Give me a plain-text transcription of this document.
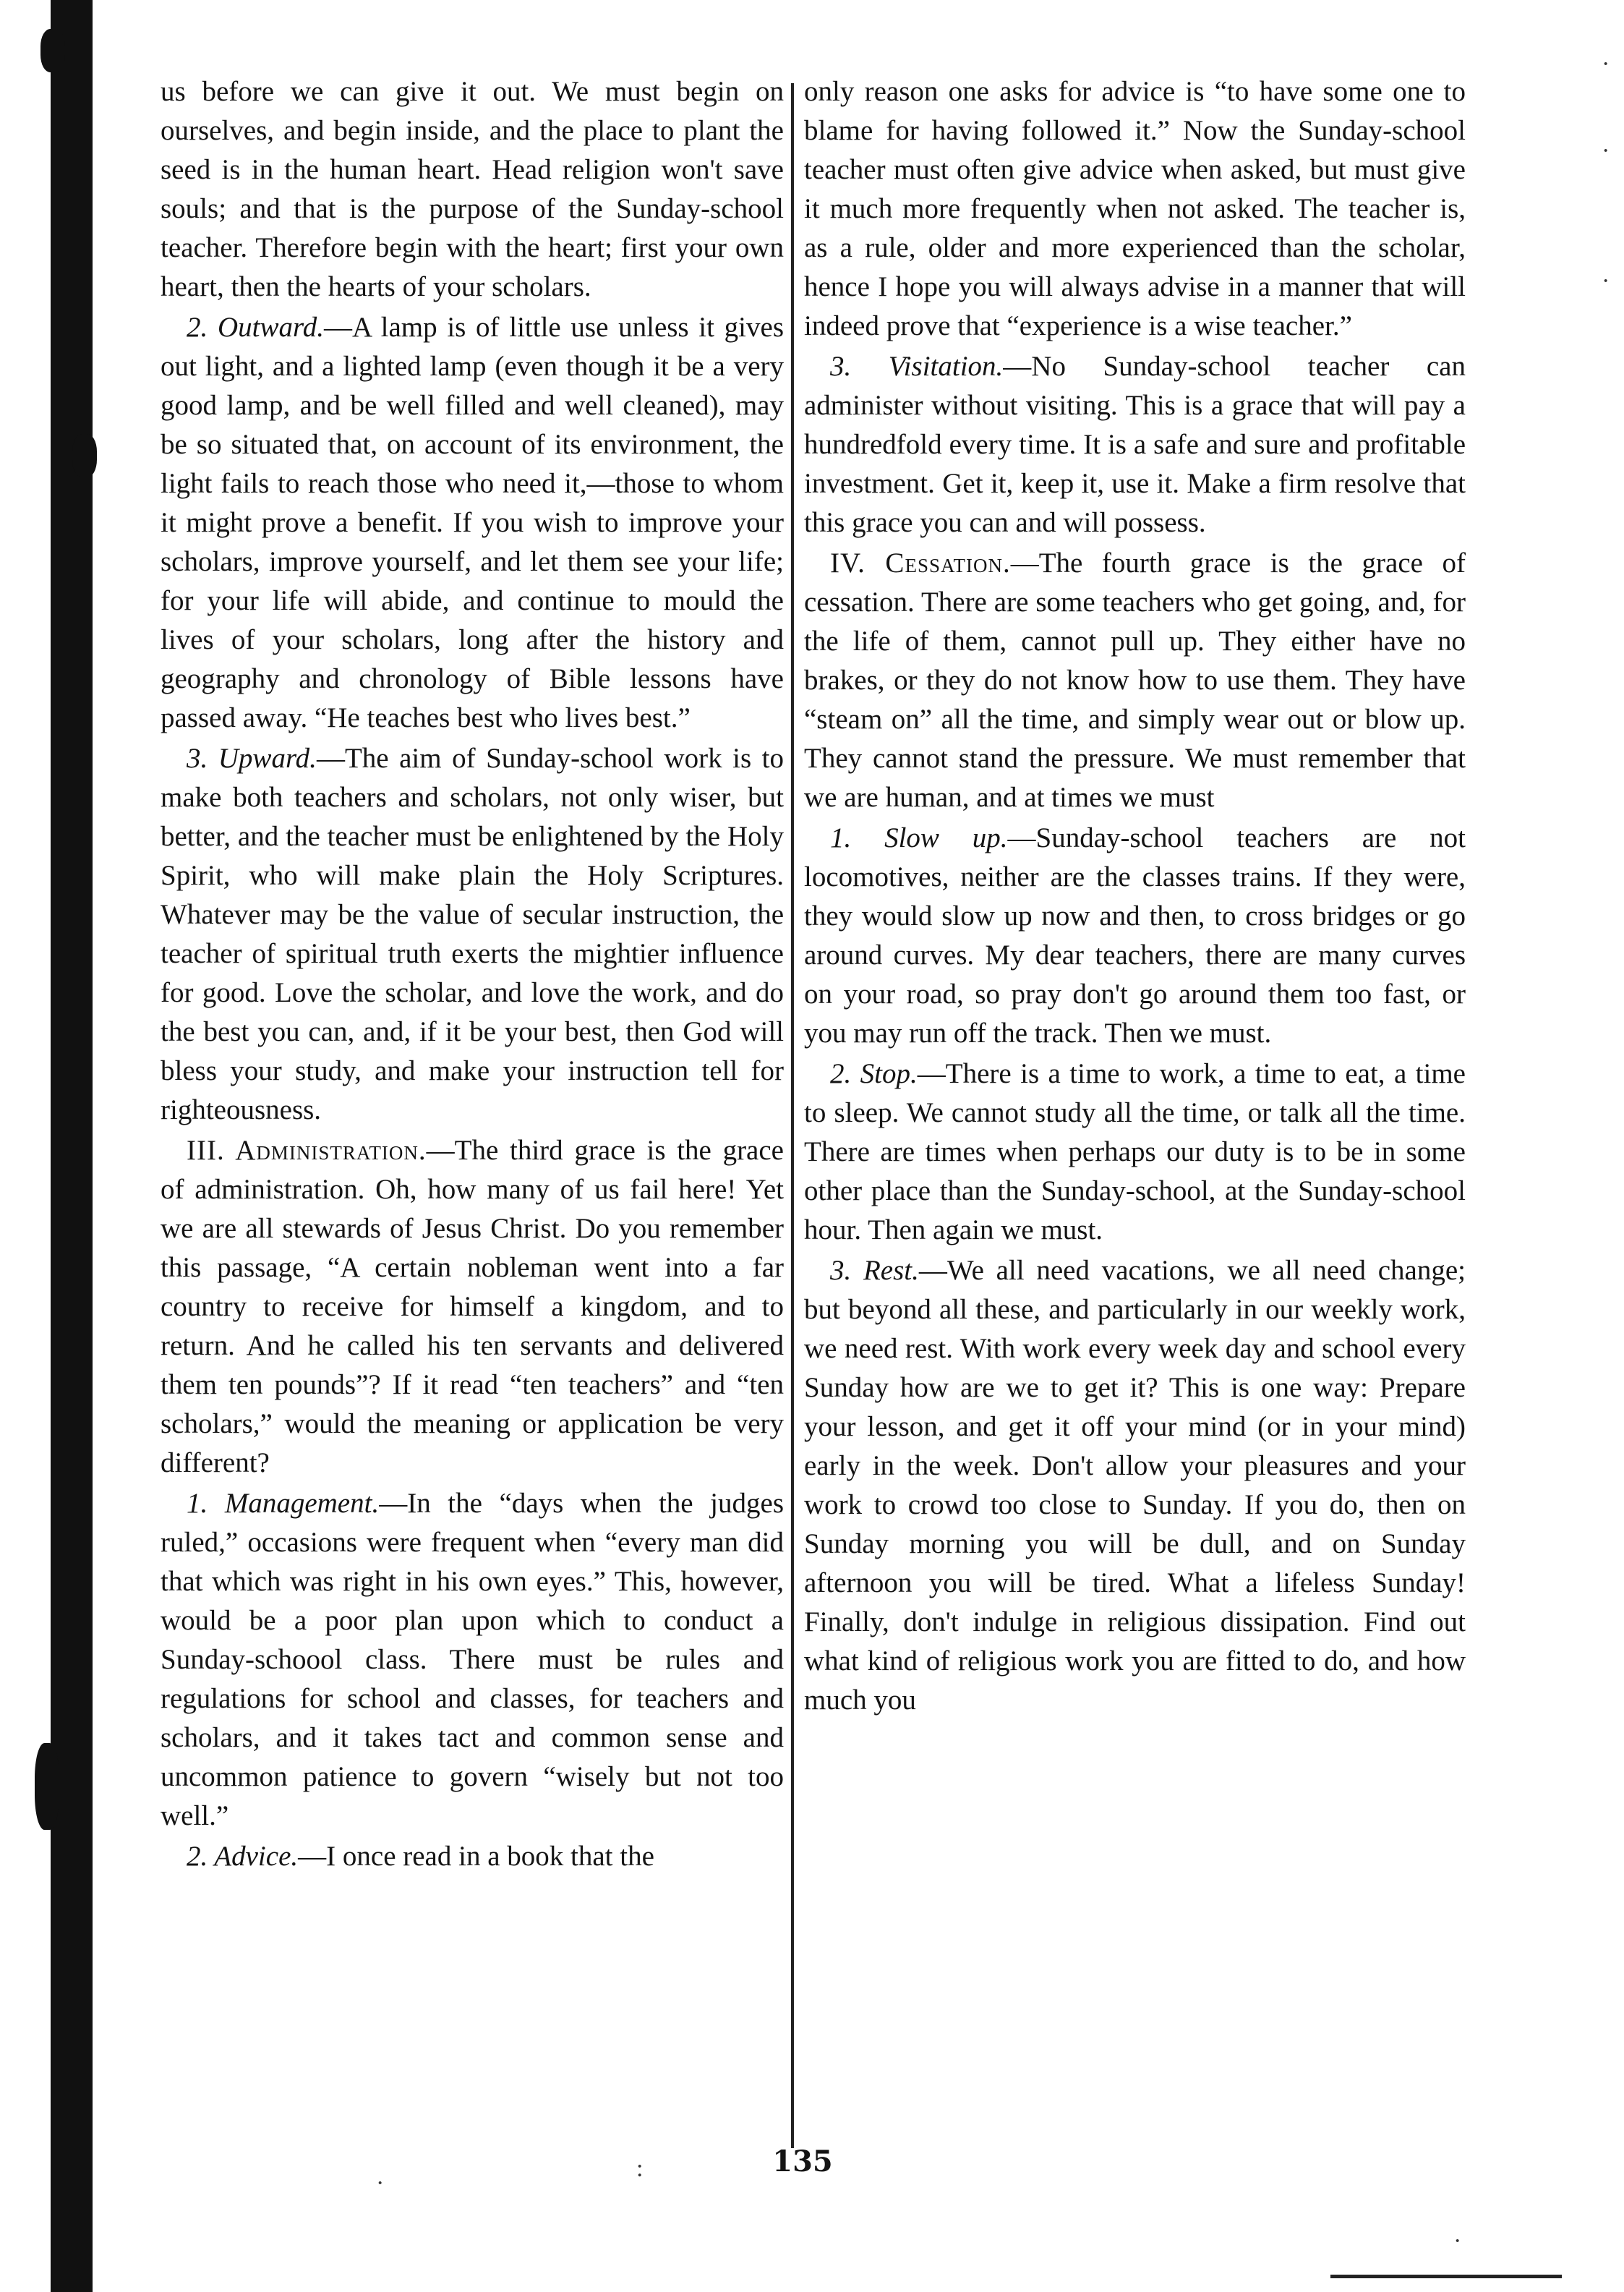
us before we can give it out. We must begin on ourselves, and begin inside, and the place to plant the seed is in the human heart. Head religion won't save souls; and that is the purpose of the Sunday-school teacher. Therefore begin with the heart; first your own heart, then the hearts of your scholars.

2. Outward.—A lamp is of little use unless it gives out light, and a lighted lamp (even though it be a very good lamp, and be well filled and well cleaned), may be so situated that, on account of its environment, the light fails to reach those who need it,—those to whom it might prove a benefit. If you wish to improve your scholars, improve yourself, and let them see your life; for your life will abide, and continue to mould the lives of your scholars, long after the history and geography and chronology of Bible lessons have passed away. “He teaches best who lives best.”

3. Upward.—The aim of Sunday-school work is to make both teachers and scholars, not only wiser, but better, and the teacher must be enlightened by the Holy Spirit, who will make plain the Holy Scriptures. Whatever may be the value of secular instruction, the teacher of spiritual truth exerts the mightier influence for good. Love the scholar, and love the work, and do the best you can, and, if it be your best, then God will bless your study, and make your instruction tell for righteousness.

III. Administration.—The third grace is the grace of administration. Oh, how many of us fail here! Yet we are all stewards of Jesus Christ. Do you remember this passage, “A certain nobleman went into a far country to receive for himself a kingdom, and to return. And he called his ten servants and delivered them ten pounds”? If it read “ten teachers” and “ten scholars,” would the meaning or application be very different?

1. Management.—In the “days when the judges ruled,” occasions were frequent when “every man did that which was right in his own eyes.” This, however, would be a poor plan upon which to conduct a Sunday-schoool class. There must be rules and regulations for school and classes, for teachers and scholars, and it takes tact and common sense and uncommon patience to govern “wisely but not too well.”

2. Advice.—I once read in a book that the

only reason one asks for advice is “to have some one to blame for having followed it.” Now the Sunday-school teacher must often give advice when asked, but must give it much more frequently when not asked. The teacher is, as a rule, older and more experienced than the scholar, hence I hope you will always advise in a manner that will indeed prove that “experience is a wise teacher.”

3. Visitation.—No Sunday-school teacher can administer without visiting. This is a grace that will pay a hundredfold every time. It is a safe and sure and profitable investment. Get it, keep it, use it. Make a firm resolve that this grace you can and will possess.

IV. Cessation.—The fourth grace is the grace of cessation. There are some teachers who get going, and, for the life of them, cannot pull up. They either have no brakes, or they do not know how to use them. They have “steam on” all the time, and simply wear out or blow up. They cannot stand the pressure. We must remember that we are human, and at times we must

1. Slow up.—Sunday-school teachers are not locomotives, neither are the classes trains. If they were, they would slow up now and then, to cross bridges or go around curves. My dear teachers, there are many curves on your road, so pray don't go around them too fast, or you may run off the track. Then we must.

2. Stop.—There is a time to work, a time to eat, a time to sleep. We cannot study all the time, or talk all the time. There are times when perhaps our duty is to be in some other place than the Sunday-school, at the Sunday-school hour. Then again we must.

3. Rest.—We all need vacations, we all need change; but beyond all these, and particularly in our weekly work, we need rest. With work every week day and school every Sunday how are we to get it? This is one way: Prepare your lesson, and get it off your mind (or in your mind) early in the week. Don't allow your pleasures and your work to crowd too close to Sunday. If you do, then on Sunday morning you will be dull, and on Sunday afternoon you will be tired. What a lifeless Sunday! Finally, don't indulge in religious dissipation. Find out what kind of religious work you are fitted to do, and how much you

135
·
·
·
·
:
·
